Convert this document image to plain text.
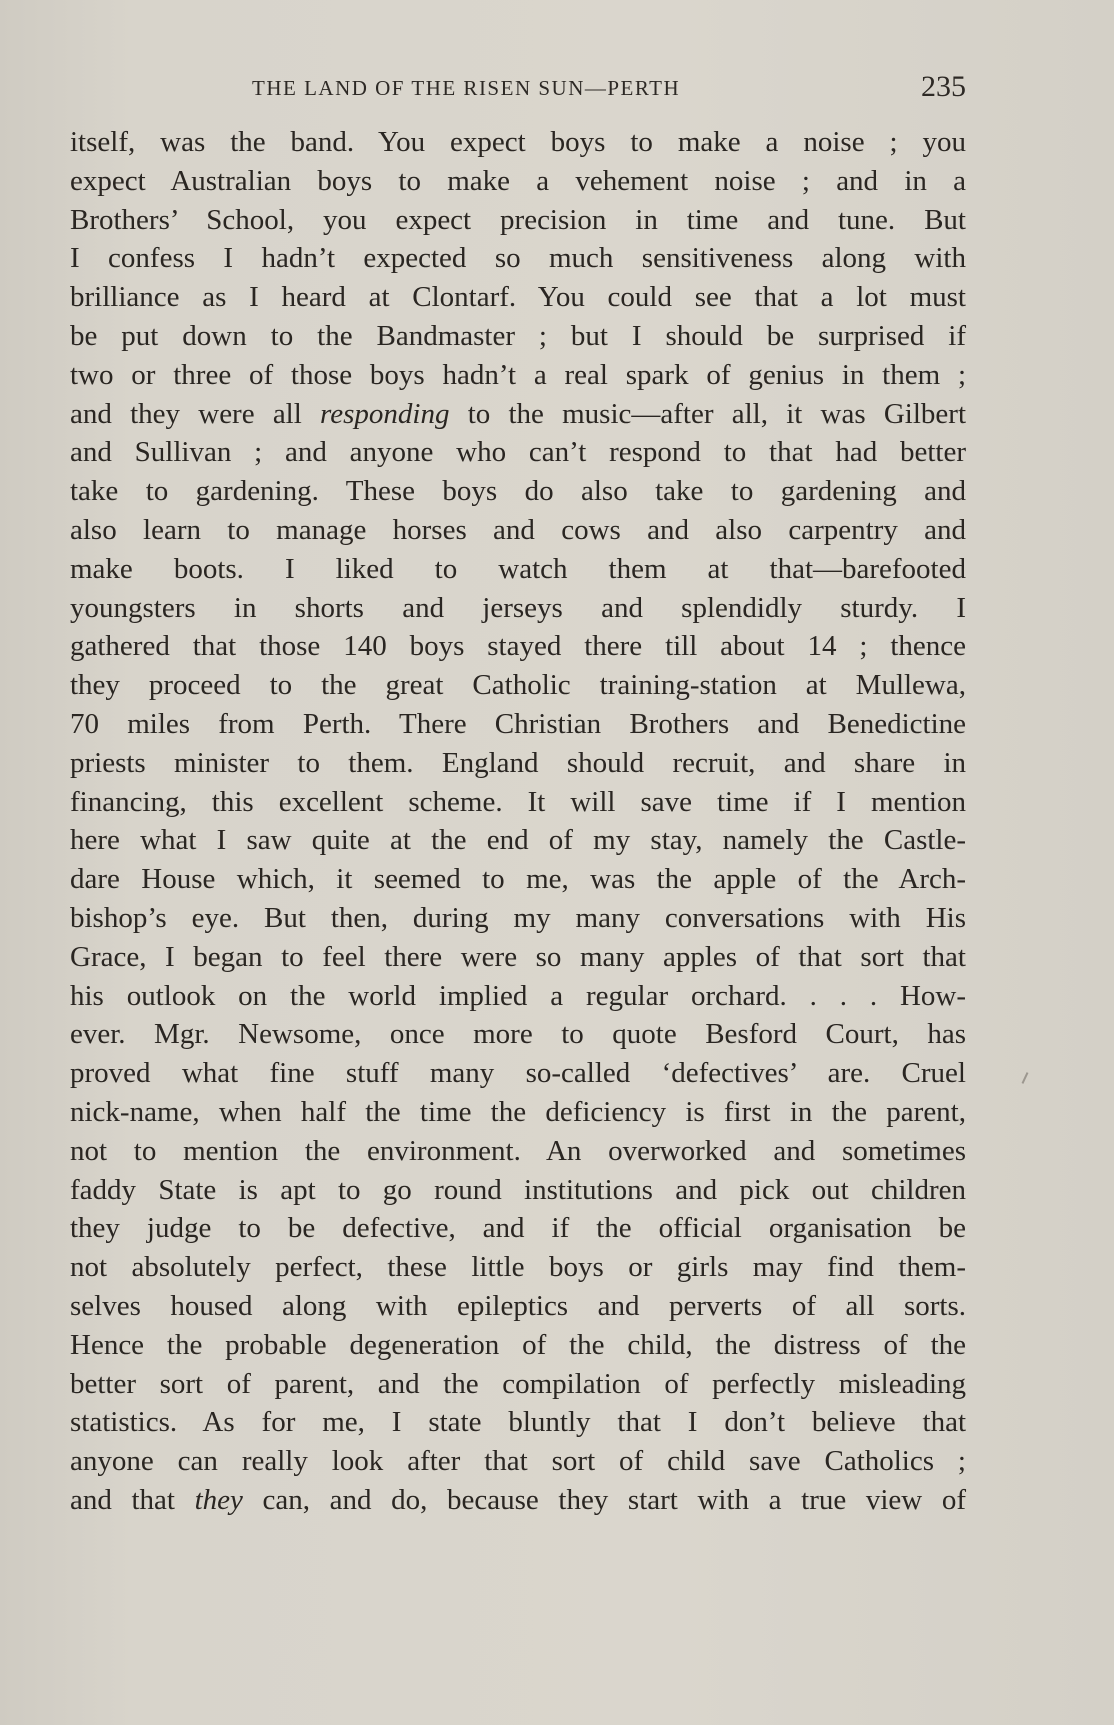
THE LAND OF THE RISEN SUN—PERTH	235
itself, was the band. You expect boys to make a noise ; you
expect Australian boys to make a vehement noise ; and in a
Brothers’ School, you expect precision in time and tune. But
I confess I hadn’t expected so much sensitiveness along with
brilliance as I heard at Clontarf. You could see that a lot must
be put down to the Bandmaster ; but I should be surprised if
two or three of those boys hadn’t a real spark of genius in them ;
and they were all responding to the music—after all, it was Gilbert
and Sullivan ; and anyone who can’t respond to that had better
take to gardening. These boys do also take to gardening and
also learn to manage horses and cows and also carpentry and
make boots. I liked to watch them at that—barefooted
youngsters in shorts and jerseys and splendidly sturdy. I
gathered that those 140 boys stayed there till about 14 ; thence
they proceed to the great Catholic training-station at Mullewa,
70 miles from Perth. There Christian Brothers and Benedictine
priests minister to them. England should recruit, and share in
financing, this excellent scheme. It will save time if I mention
here what I saw quite at the end of my stay, namely the Castle-
dare House which, it seemed to me, was the apple of the Arch-
bishop’s eye. But then, during my many conversations with His
Grace, I began to feel there were so many apples of that sort that
his outlook on the world implied a regular orchard. . . . How-
ever. Mgr. Newsome, once more to quote Besford Court, has
proved what fine stuff many so-called ‘defectives’ are. Cruel
nick-name, when half the time the deficiency is first in the parent,
not to mention the environment. An overworked and sometimes
faddy State is apt to go round institutions and pick out children
they judge to be defective, and if the official organisation be
not absolutely perfect, these little boys or girls may find them-
selves housed along with epileptics and perverts of all sorts.
Hence the probable degeneration of the child, the distress of the
better sort of parent, and the compilation of perfectly misleading
statistics. As for me, I state bluntly that I don’t believe that
anyone can really look after that sort of child save Catholics ;
and that they can, and do, because they start with a true view of
